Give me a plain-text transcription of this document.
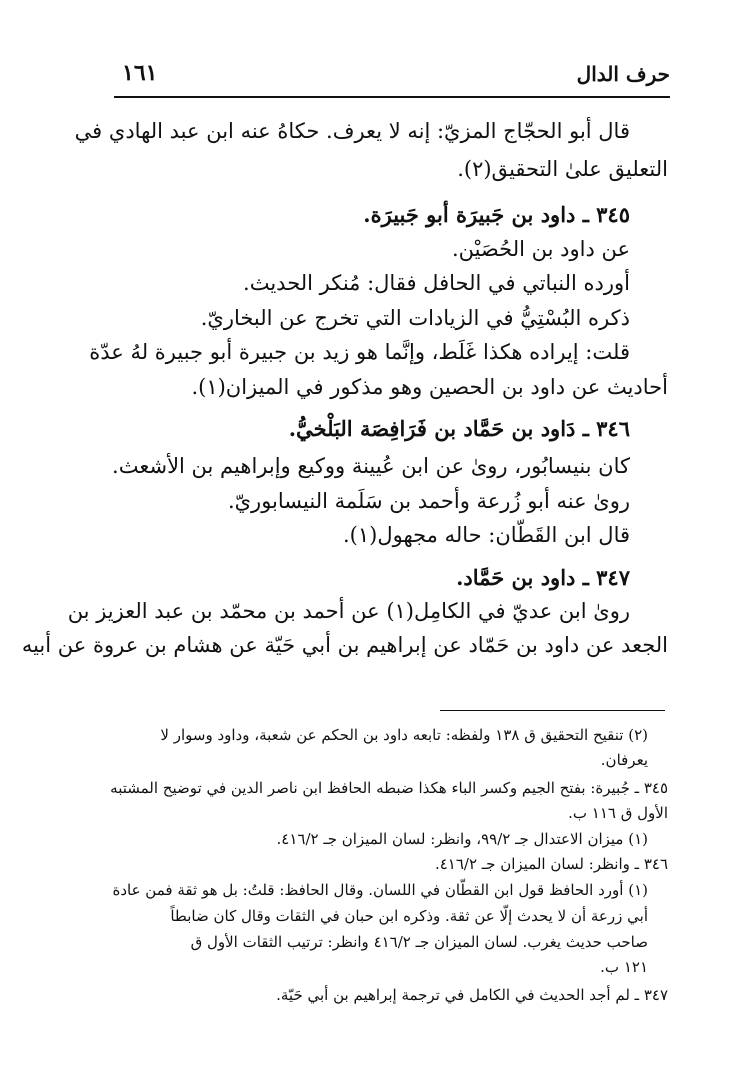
حرف الدال
١٦١
قال أبو الحجّاج المزيّ: إنه لا يعرف. حكاهُ عنه ابن عبد الهادي في
التعليق علىٰ التحقيق(٢).
٣٤٥ ـ داود بن جَبيرَة أبو جَبيرَة.
عن داود بن الحُصَيْن.
أورده النباتي في الحافل فقال: مُنكر الحديث.
ذكره البُسْتِيُّ في الزيادات التي تخرج عن البخاريّ.
قلت: إيراده هكذا غَلَط، وإنَّما هو زيد بن جبيرة أبو جبيرة لهُ عدّة
أحاديث عن داود بن الحصين وهو مذكور في الميزان(١).
٣٤٦ ـ دَاود بن حَمَّاد بن فَرَافِصَة البَلْخيُّ.
كان بنيسابُور، روىٰ عن ابن عُيينة ووكيع وإبراهيم بن الأشعث.
روىٰ عنه أبو زُرعة وأحمد بن سَلَمة النيسابوريّ.
قال ابن القَطّان: حاله مجهول(١).
٣٤٧ ـ داود بن حَمَّاد.
روىٰ ابن عديّ في الكامِل(١) عن أحمد بن محمّد بن عبد العزيز بن
الجعد عن داود بن حَمّاد عن إبراهيم بن أبي حَيّة عن هشام بن عروة عن أبيه
(٢) تنقيح التحقيق ق ١٣٨ ولفظه: تابعه داود بن الحكم عن شعبة، وداود وسوار لا
يعرفان.
٣٤٥ ـ جُبيرة: بفتح الجيم وكسر الباء هكذا ضبطه الحافظ ابن ناصر الدين في توضيح المشتبه
الأول ق ١١٦ ب.
(١) ميزان الاعتدال جـ ٩٩/٢، وانظر: لسان الميزان جـ ٤١٦/٢.
٣٤٦ ـ وانظر: لسان الميزان جـ ٤١٦/٢.
(١) أورد الحافظ قول ابن القطّان في اللسان. وقال الحافظ: قلتُ: بل هو ثقة فمن عادة
أبي زرعة أن لا يحدث إلّا عن ثقة. وذكره ابن حبان في الثقات وقال كان ضابطاً
صاحب حديث يغرب. لسان الميزان جـ ٤١٦/٢ وانظر: ترتيب الثقات الأول ق
١٢١ ب.
٣٤٧ ـ لم أجد الحديث في الكامل في ترجمة إبراهيم بن أبي حَيّة.
